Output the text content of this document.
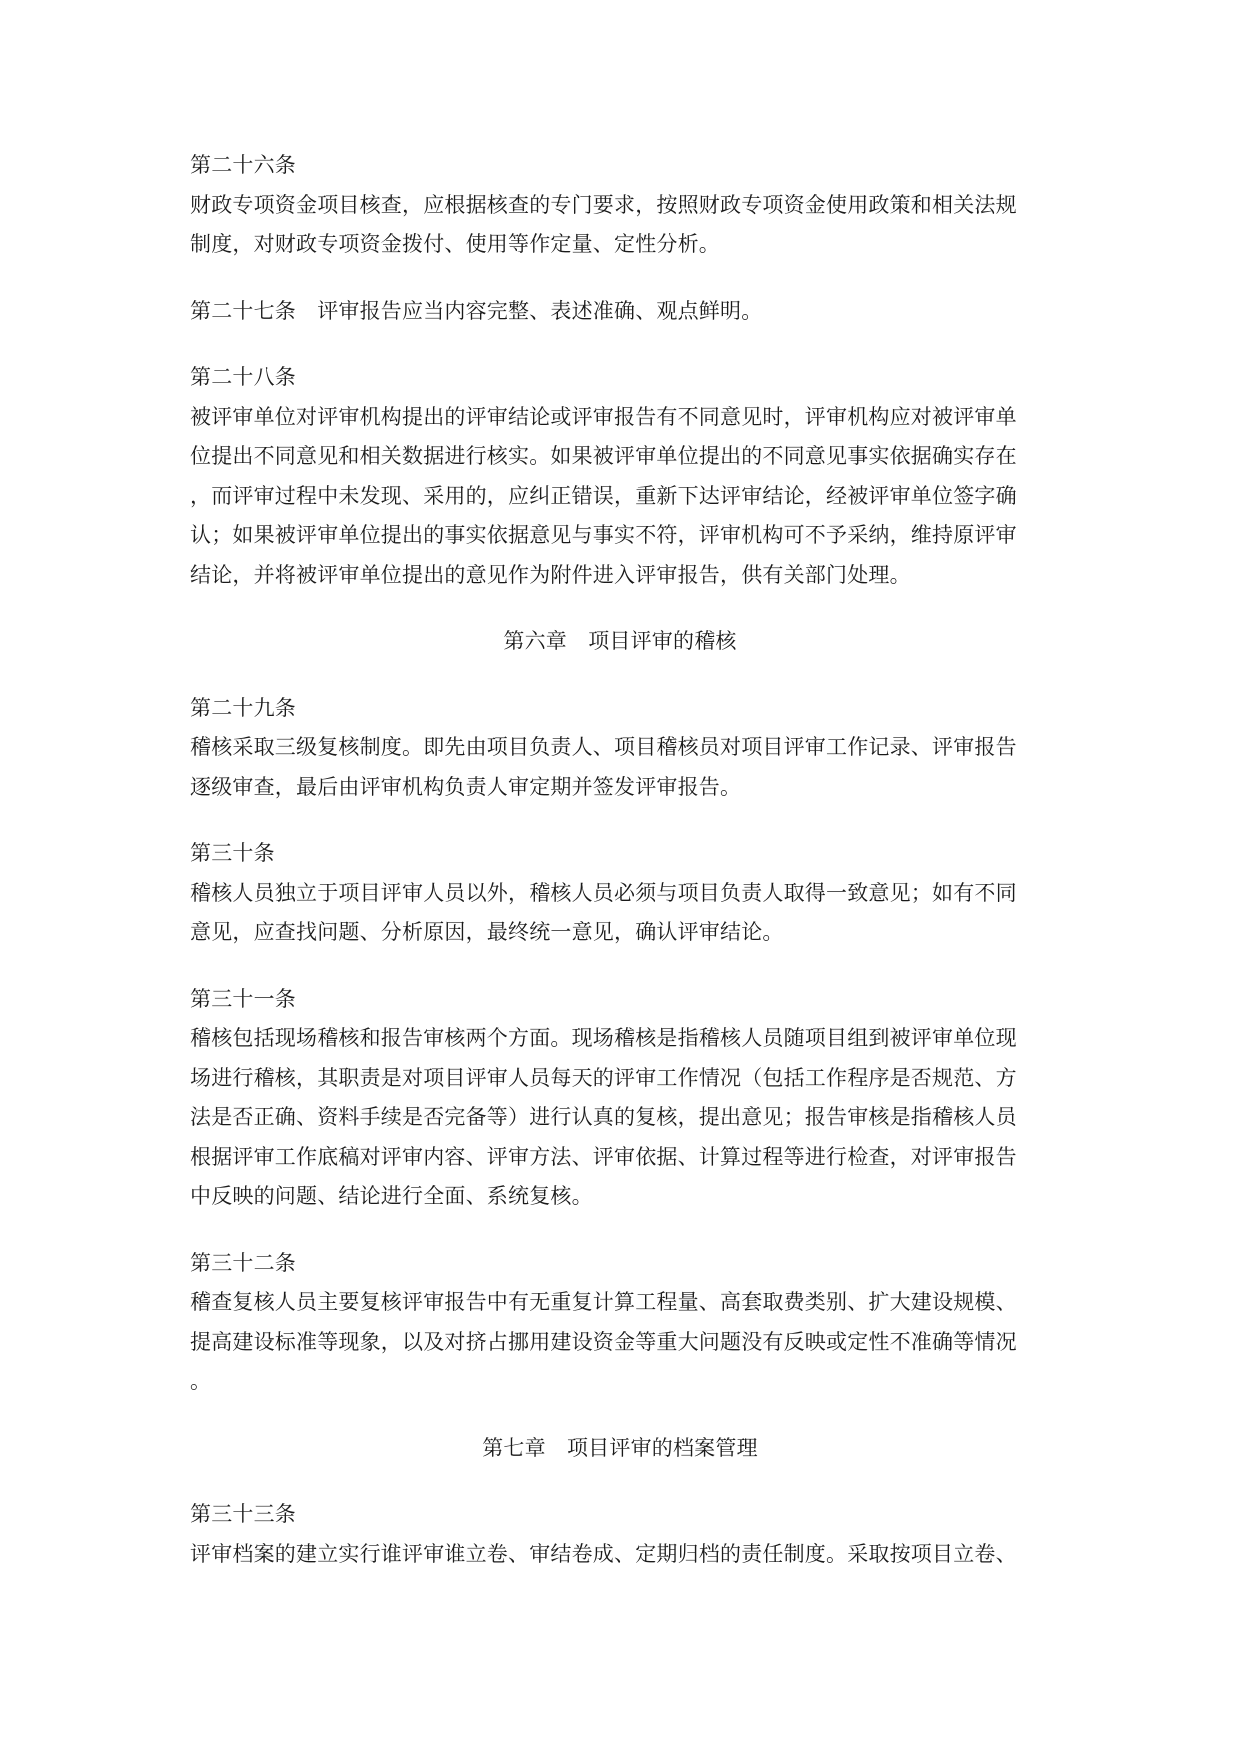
第二十六条
财政专项资金项目核查，应根据核查的专门要求，按照财政专项资金使用政策和相关法规
制度，对财政专项资金拨付、使用等作定量、定性分析。
第二十七条　评审报告应当内容完整、表述准确、观点鲜明。
第二十八条
被评审单位对评审机构提出的评审结论或评审报告有不同意见时，评审机构应对被评审单
位提出不同意见和相关数据进行核实。如果被评审单位提出的不同意见事实依据确实存在
，而评审过程中未发现、采用的，应纠正错误，重新下达评审结论，经被评审单位签字确
认；如果被评审单位提出的事实依据意见与事实不符，评审机构可不予采纳，维持原评审
结论，并将被评审单位提出的意见作为附件进入评审报告，供有关部门处理。
第六章　项目评审的稽核
第二十九条
稽核采取三级复核制度。即先由项目负责人、项目稽核员对项目评审工作记录、评审报告
逐级审查，最后由评审机构负责人审定期并签发评审报告。
第三十条
稽核人员独立于项目评审人员以外，稽核人员必须与项目负责人取得一致意见；如有不同
意见，应查找问题、分析原因，最终统一意见，确认评审结论。
第三十一条
稽核包括现场稽核和报告审核两个方面。现场稽核是指稽核人员随项目组到被评审单位现
场进行稽核，其职责是对项目评审人员每天的评审工作情况（包括工作程序是否规范、方
法是否正确、资料手续是否完备等）进行认真的复核，提出意见；报告审核是指稽核人员
根据评审工作底稿对评审内容、评审方法、评审依据、计算过程等进行检查，对评审报告
中反映的问题、结论进行全面、系统复核。
第三十二条
稽查复核人员主要复核评审报告中有无重复计算工程量、高套取费类别、扩大建设规模、
提高建设标准等现象，以及对挤占挪用建设资金等重大问题没有反映或定性不准确等情况
。
第七章　项目评审的档案管理
第三十三条
评审档案的建立实行谁评审谁立卷、审结卷成、定期归档的责任制度。采取按项目立卷、
